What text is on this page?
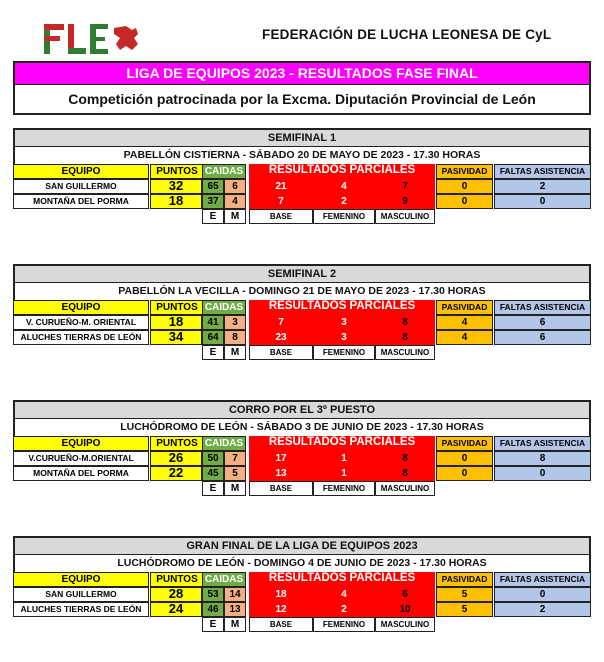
FEDERACIÓN DE LUCHA LEONESA DE CyL
LIGA DE EQUIPOS 2023 - RESULTADOS FASE FINAL
Competición patrocinada por la Excma. Diputación Provincial de León
SEMIFINAL 1
PABELLÓN CISTIERNA - SÁBADO 20 DE MAYO DE 2023 - 17.30 HORAS
EQUIPO	PUNTOS CAIDAS	RESULTADOS PARCIALES	PASIVIDAD	FALTAS ASISTENCIA
SAN GUILLERMO	32	65	6	21	4	7	0	2
MONTAÑA DEL PORMA	18	37	4	7	2	9	0	0
E	M	BASE	FEMENINO	MASCULINO
SEMIFINAL 2
PABELLÓN LA VECILLA - DOMINGO 21 DE MAYO DE 2023 - 17.30 HORAS
EQUIPO	PUNTOS CAIDAS	RESULTADOS PARCIALES	PASIVIDAD	FALTAS ASISTENCIA
V. CURUEÑO-M. ORIENTAL	18	41	3	7	3	8	4	6
ALUCHES TIERRAS DE LEÓN	34	64	8	23	3	8	4	6
E	M	BASE	FEMENINO	MASCULINO
CORRO POR EL 3º PUESTO
LUCHÓDROMO DE LEÓN - SÁBADO 3 DE JUNIO DE 2023 - 17.30 HORAS
EQUIPO	PUNTOS CAIDAS	RESULTADOS PARCIALES	PASIVIDAD	FALTAS ASISTENCIA
V.CURUEÑO-M.ORIENTAL	26	50	7	17	1	8	0	8
MONTAÑA DEL PORMA	22	45	5	13	1	8	0	0
E	M	BASE	FEMENINO	MASCULINO
GRAN FINAL DE LA LIGA DE EQUIPOS 2023
LUCHÓDROMO DE LEÓN - DOMINGO 4 DE JUNIO DE 2023 - 17.30 HORAS
EQUIPO	PUNTOS CAIDAS	RESULTADOS PARCIALES	PASIVIDAD	FALTAS ASISTENCIA
SAN GUILLERMO	28	53	14	18	4	6	5	0
ALUCHES TIERRAS DE LEÓN	24	46	13	12	2	10	5	2
E	M	BASE	FEMENINO	MASCULINO
